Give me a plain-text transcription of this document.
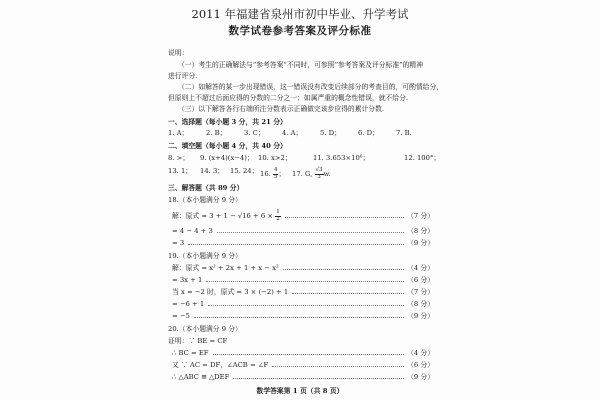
2011 年福建省泉州市初中毕业、升学考试
数学试卷参考答案及评分标准
说明：
（一）考生的正确解法与“参考答案”不同时，可参照“参考答案及评分标准”的精神
进行评分.
（二）如解答的某一步出现错误，这一错误没有改变后续部分的考查目的，可酌情给分，
但原则上不超过后面应得的分数的二分之一；如属严重的概念性错误，就不给分.
（三）以下解答各行右端所注分数表示正确做完该步应得的累计分数.
一、选择题（每小题 3 分，共 21 分）
1. A；	2. B；	3. C；	4. A；	5. D；	6. D；	7. B.
二、填空题（每小题 4 分，共 40 分）
8. >； 9. (x+4)(x−4)； 10. x>2；	11. 3.653×10⁶；	12. 100°；
13. 1； 14. 3； 15. 24； 16. $\frac{4}{5}$ ； 17. G, $\frac{√3}{3} w$.
三、解答题（共 89 分）
18.（本小题满分 9 分）
解：原式 = $3 + 1 - √16 + 6 \times \frac{1}{2}$	（7 分）
= 4 − 4 + 3	（8 分）
= 3	（9 分）
19.（本小题满分 9 分）
解：原式 = x² + 2x + 1 + x − x²	（4 分）
= 3x + 1	（6 分）
当 x = −2 时，原式 = 3 × (−2) + 1	（7 分）
= −6 + 1	（8 分）
= −5	（9 分）
20.（本小题满分 9 分）
证明：∵ BE = CF
∴ BC = EF	（4 分）
又 ∵ AC = DF，∠ACB = ∠F	（6 分）
∴ △ABC ≌ △DEF	（9 分）
数学答案第 1 页（共 8 页）
